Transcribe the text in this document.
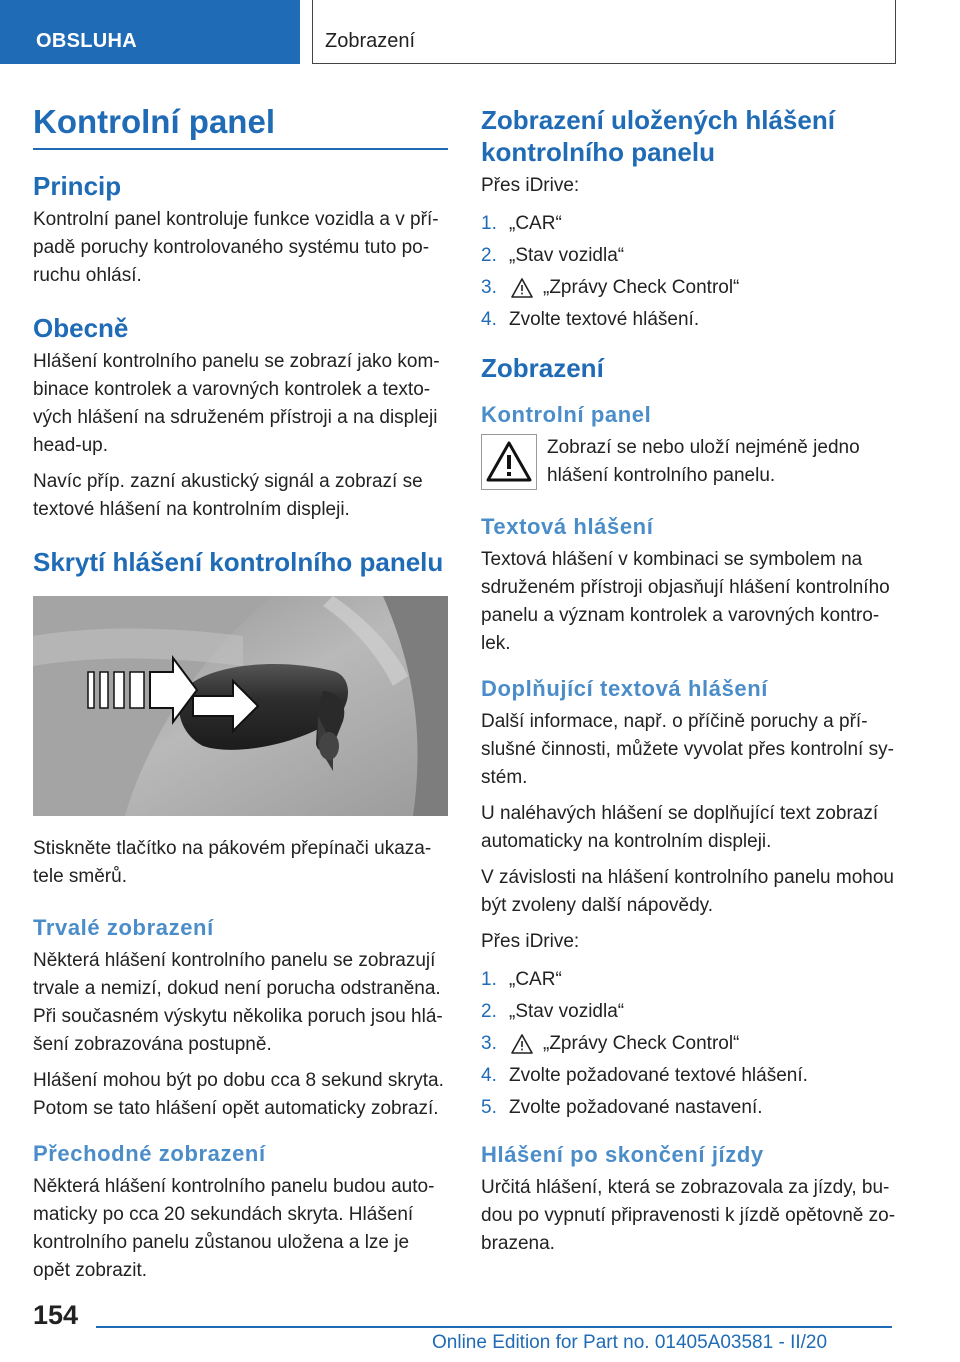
OBSLUHA	Zobrazení
Kontrolní panel
Princip

Kontrolní panel kontroluje funkce vozidla a v případě poruchy kontrolovaného systému tuto poruchu ohlásí.

Obecně

Hlášení kontrolního panelu se zobrazí jako kombinace kontrolek a varovných kontrolek a textových hlášení na sdruženém přístroji a na displeji head-up.

Navíc příp. zazní akustický signál a zobrazí se textové hlášení na kontrolním displeji.

Skrytí hlášení kontrolního panelu

Stiskněte tlačítko na pákovém přepínači ukazatele směrů.

Trvalé zobrazení

Některá hlášení kontrolního panelu se zobrazují trvale a nemizí, dokud není porucha odstraněna. Při současném výskytu několika poruch jsou hlášení zobrazována postupně.

Hlášení mohou být po dobu cca 8 sekund skryta. Potom se tato hlášení opět automaticky zobrazí.

Přechodné zobrazení

Některá hlášení kontrolního panelu budou automaticky po cca 20 sekundách skryta. Hlášení kontrolního panelu zůstanou uložena a lze je opět zobrazit.

Zobrazení uložených hlášení kontrolního panelu

Přes iDrive:

1. „CAR“
2. „Stav vozidla“
3. „Zprávy Check Control“
4. Zvolte textové hlášení.
Zobrazení
Kontrolní panel

Zobrazí se nebo uloží nejméně jedno hlášení kontrolního panelu.

Textová hlášení

Textová hlášení v kombinaci se symbolem na sdruženém přístroji objasňují hlášení kontrolního panelu a význam kontrolek a varovných kontrolek.

Doplňující textová hlášení

Další informace, např. o příčině poruchy a příslušné činnosti, můžete vyvolat přes kontrolní systém.

U naléhavých hlášení se doplňující text zobrazí automaticky na kontrolním displeji.

V závislosti na hlášení kontrolního panelu mohou být zvoleny další nápovědy.

Přes iDrive:

1. „CAR“
2. „Stav vozidla“
3. „Zprávy Check Control“
4. Zvolte požadované textové hlášení.
5. Zvolte požadované nastavení.
Hlášení po skončení jízdy

Určitá hlášení, která se zobrazovala za jízdy, budou po vypnutí připravenosti k jízdě opětovně zobrazena.

154
Online Edition for Part no. 01405A03581 - II/20
